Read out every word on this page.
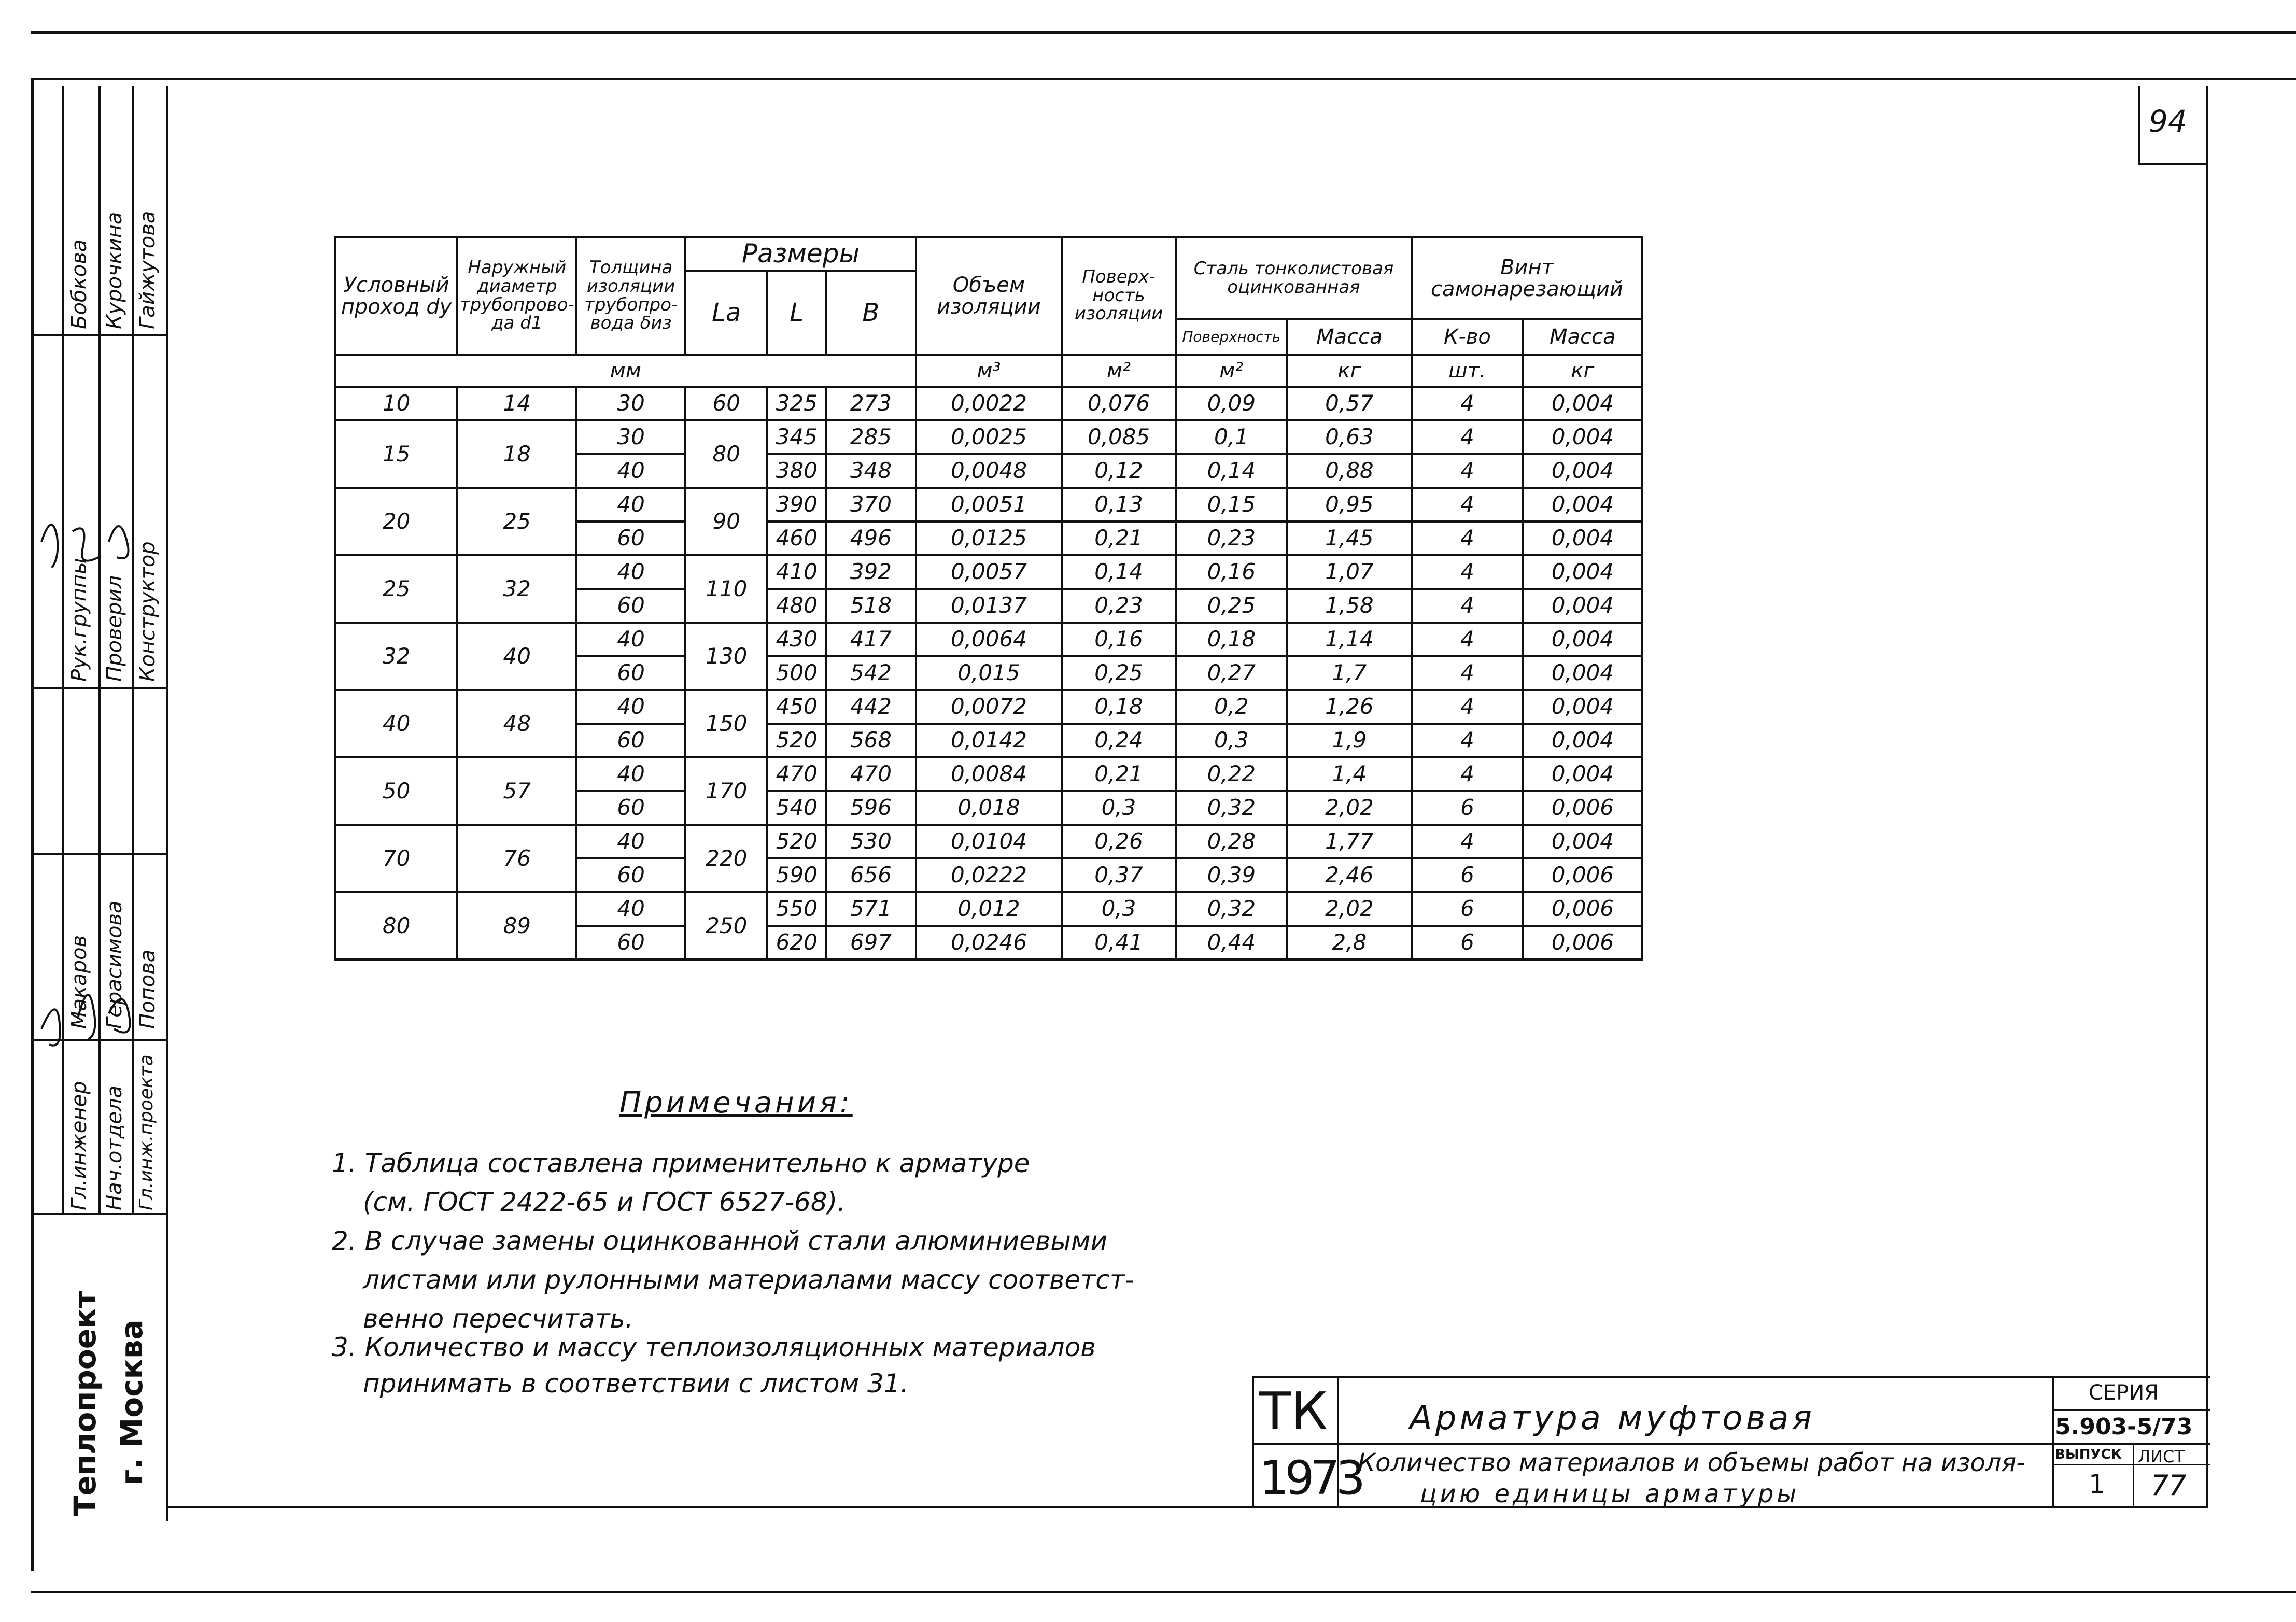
94
Гл.инженер Нач.отдела Гл.инж.проекта
Рук.группы Проверил Конструктор
Бобкова Курочкина Гайжутова
Макаров Герасимова Попова
Теплопроект г. Москва
Условный проход dy	Наружный диаметр трубопрово-да d1	Толщина изоляции трубопро-вода δиз	Размеры			Объем изоляции	Поверх-ность изоляции	Сталь тонколистовая оцинкованная		Винт самонарезающий	
			La	L	B						
								Поверхность	Масса	К-во	Масса
мм						м³	м²	м²	кг	шт.	кг
10	14	30	60	325	273	0,0022	0,076	0,09	0,57	4	0,004
15	18	30	80	345	285	0,0025	0,085	0,1	0,63	4	0,004
		40		380	348	0,0048	0,12	0,14	0,88	4	0,004
20	25	40	90	390	370	0,0051	0,13	0,15	0,95	4	0,004
		60		460	496	0,0125	0,21	0,23	1,45	4	0,004
25	32	40	110	410	392	0,0057	0,14	0,16	1,07	4	0,004
		60		480	518	0,0137	0,23	0,25	1,58	4	0,004
32	40	40	130	430	417	0,0064	0,16	0,18	1,14	4	0,004
		60		500	542	0,015	0,25	0,27	1,7	4	0,004
40	48	40	150	450	442	0,0072	0,18	0,2	1,26	4	0,004
		60		520	568	0,0142	0,24	0,3	1,9	4	0,004
50	57	40	170	470	470	0,0084	0,21	0,22	1,4	4	0,004
		60		540	596	0,018	0,3	0,32	2,02	6	0,006
70	76	40	220	520	530	0,0104	0,26	0,28	1,77	4	0,004
		60		590	656	0,0222	0,37	0,39	2,46	6	0,006
80	89	40	250	550	571	0,012	0,3	0,32	2,02	6	0,006
		60		620	697	0,0246	0,41	0,44	2,8	6	0,006
Примечания:
1. Таблица составлена применительно к арматуре
(см. ГОСТ 2422-65 и ГОСТ 6527-68).
2. В случае замены оцинкованной стали алюминиевыми
листами или рулонными материалами массу соответст-
венно пересчитать.
3. Количество и массу теплоизоляционных материалов
принимать в соответствии с листом 31.	ТК
1973
Арматура муфтовая
Количество материалов и объемы работ на изоля-
цию единицы арматуры
СЕРИЯ
5.903-5/73
ВЫПУСК ЛИСТ
1 77
